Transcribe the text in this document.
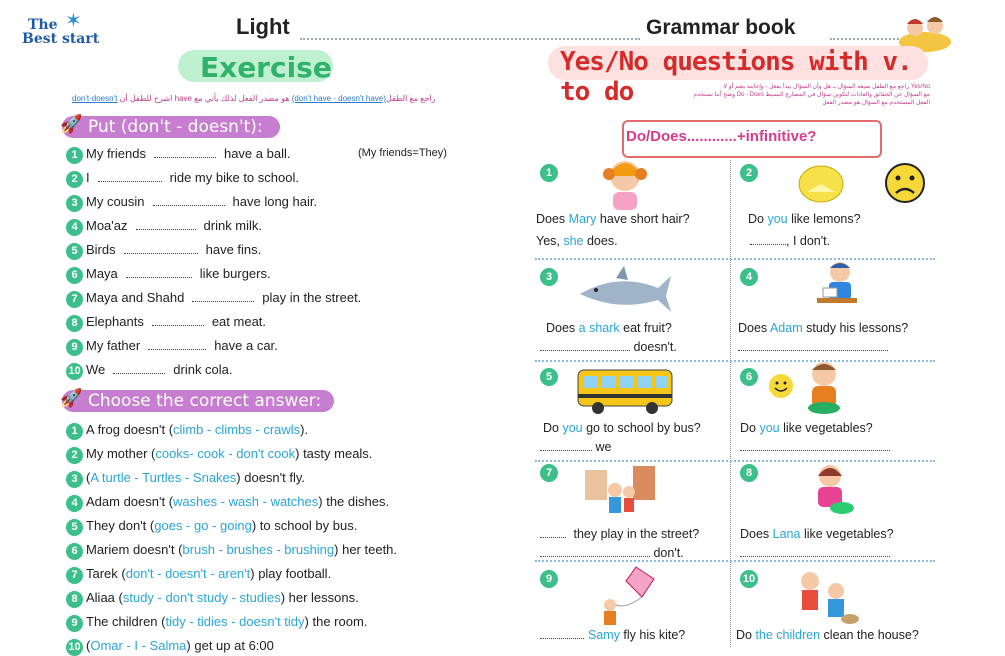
The ✶
Best start	Light
Exercise
Grammar book
Yes/No questions with v. to do
don't-doesn't اشرح للطفل أن have هو مصدر الفعل لذلك يأتي مع (don't have - doesn't have)راجع مع الطفل
راجع مع الطفل صيغة السؤال بـ هل وأن السؤال يبدأ بفعل - وإجابته بنعم أو لا Yes/No
وضح أننا نستخدم Do - Does مع السؤال عن الحقائق والعادات لتكوين سؤال في المضارع البسيط
الفعل المستخدم مع السؤال هو مصدر الفعل
🚀 Put (don't - doesn't):
1 My friends	have a ball.	(My friends=They)
2 I	ride my bike to school.
3 My cousin	have long hair.
4 Moa'az	drink milk.
5 Birds	have fins.
6 Maya	like burgers.
7 Maya and Shahd	play in the street.
8 Elephants	eat meat.
9 My father	have a car.
10 We	drink cola.
🚀 Choose the correct answer:
1 A frog doesn't (climb - climbs - crawls).
2 My mother (cooks- cook - don't cook) tasty meals.
3 (A turtle - Turtles - Snakes) doesn't fly.
4 Adam doesn't (washes - wash - watches) the dishes.
5 They don't (goes - go - going) to school by bus.
6 Mariem doesn't (brush - brushes - brushing) her teeth.
7 Tarek (don't - doesn't - aren't) play football.
8 Aliaa (study - don't study - studies) her lessons.
9 The children (tidy - tidies - doesn't tidy) the room.
10 (Omar - I - Salma) get up at 6:00
Do/Does............+infinitive?
1
Does Mary have short hair?
Yes, she does.
2
Do you like lemons?
, I don't.
3
Does a shark eat fruit?
doesn't.
4
Does Adam study his lessons?
5
Do you go to school by bus?
we
6
Do you like vegetables?
7
they play in the street?
don't.
8
Does Lana like vegetables?
9
Samy fly his kite?
10
Do the children clean the house?
